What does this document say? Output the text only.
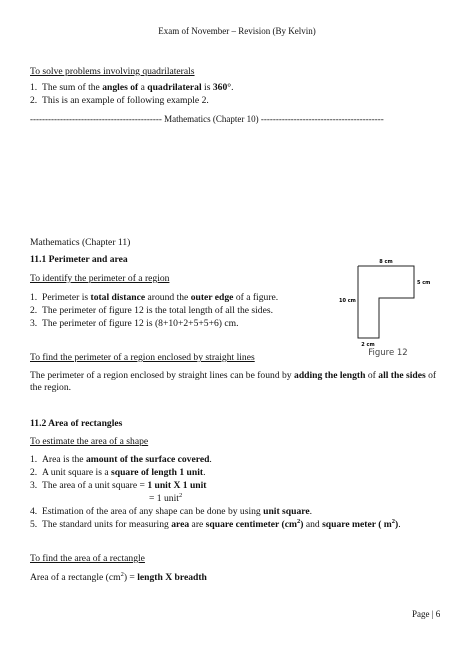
Exam of November – Revision (By Kelvin)
To solve problems involving quadrilaterals
1. The sum of the angles of a quadrilateral is 360°.
2. This is an example of following example 2.
-------------------------------------------- Mathematics (Chapter 10) -----------------------------------------
Mathematics (Chapter 11)
11.1 Perimeter and area
To identify the perimeter of a region
1. Perimeter is total distance around the outer edge of a figure.
2. The perimeter of figure 12 is the total length of all the sides.
3. The perimeter of figure 12 is (8+10+2+5+5+6) cm.
8 cm
5 cm
10 cm
2 cm
Figure 12
To find the perimeter of a region enclosed by straight lines
The perimeter of a region enclosed by straight lines can be found by adding the length of all the sides of the region.
11.2 Area of rectangles
To estimate the area of a shape
1. Area is the amount of the surface covered.
2. A unit square is a square of length 1 unit.
3. The area of a unit square = 1 unit X 1 unit
= 1 unit$^2$
4. Estimation of the area of any shape can be done by using unit square.
5. The standard units for measuring area are square centimeter $(cm^2)$ and square meter ( $m^2$).
To find the area of a rectangle
Area of a rectangle $(cm^2)$ = length X breadth
Page | 6
